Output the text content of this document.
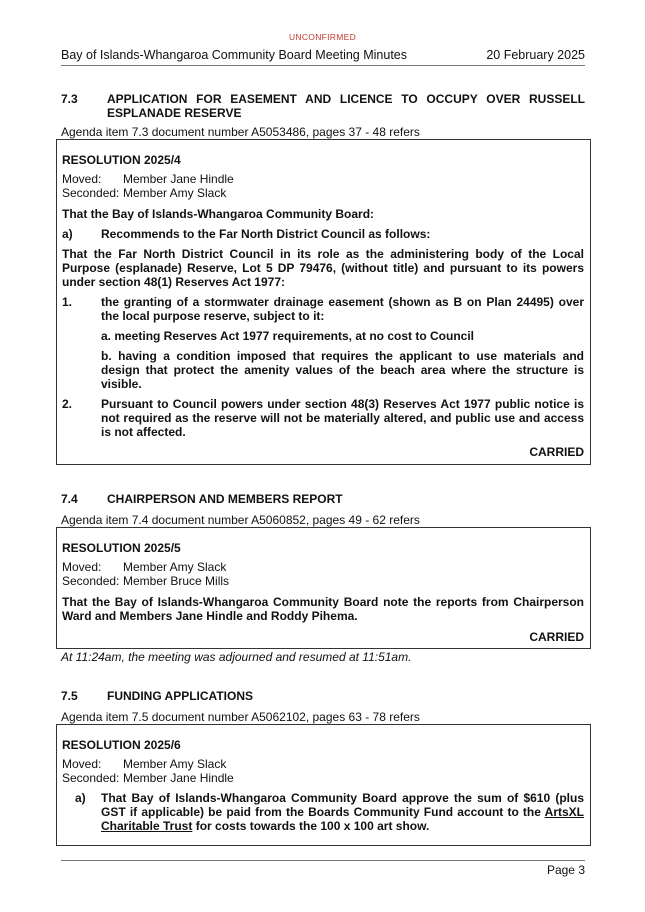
UNCONFIRMED
Bay of Islands-Whangaroa Community Board Meeting Minutes	20 February 2025
7.3	APPLICATION FOR EASEMENT AND LICENCE TO OCCUPY OVER RUSSELL ESPLANADE RESERVE
Agenda item 7.3 document number A5053486, pages 37 - 48 refers
RESOLUTION 2025/4
Moved:	Member Jane Hindle
Seconded: Member Amy Slack
That the Bay of Islands-Whangaroa Community Board:
a)	Recommends to the Far North District Council as follows:
That the Far North District Council in its role as the administering body of the Local Purpose (esplanade) Reserve, Lot 5 DP 79476, (without title) and pursuant to its powers under section 48(1) Reserves Act 1977:
1.	the granting of a stormwater drainage easement (shown as B on Plan 24495) over the local purpose reserve, subject to it:
a. meeting Reserves Act 1977 requirements, at no cost to Council
b. having a condition imposed that requires the applicant to use materials and design that protect the amenity values of the beach area where the structure is visible.
2.	Pursuant to Council powers under section 48(3) Reserves Act 1977 public notice is not required as the reserve will not be materially altered, and public use and access is not affected.
CARRIED
7.4	CHAIRPERSON AND MEMBERS REPORT
Agenda item 7.4 document number A5060852, pages 49 - 62 refers
RESOLUTION 2025/5
Moved:	Member Amy Slack
Seconded: Member Bruce Mills
That the Bay of Islands-Whangaroa Community Board note the reports from Chairperson Ward and Members Jane Hindle and Roddy Pihema.
CARRIED
At 11:24am, the meeting was adjourned and resumed at 11:51am.
7.5	FUNDING APPLICATIONS
Agenda item 7.5 document number A5062102, pages 63 - 78 refers
RESOLUTION 2025/6
Moved:	Member Amy Slack
Seconded: Member Jane Hindle
a)	That Bay of Islands-Whangaroa Community Board approve the sum of $610 (plus GST if applicable) be paid from the Boards Community Fund account to the ArtsXL Charitable Trust for costs towards the 100 x 100 art show.
Page 3
